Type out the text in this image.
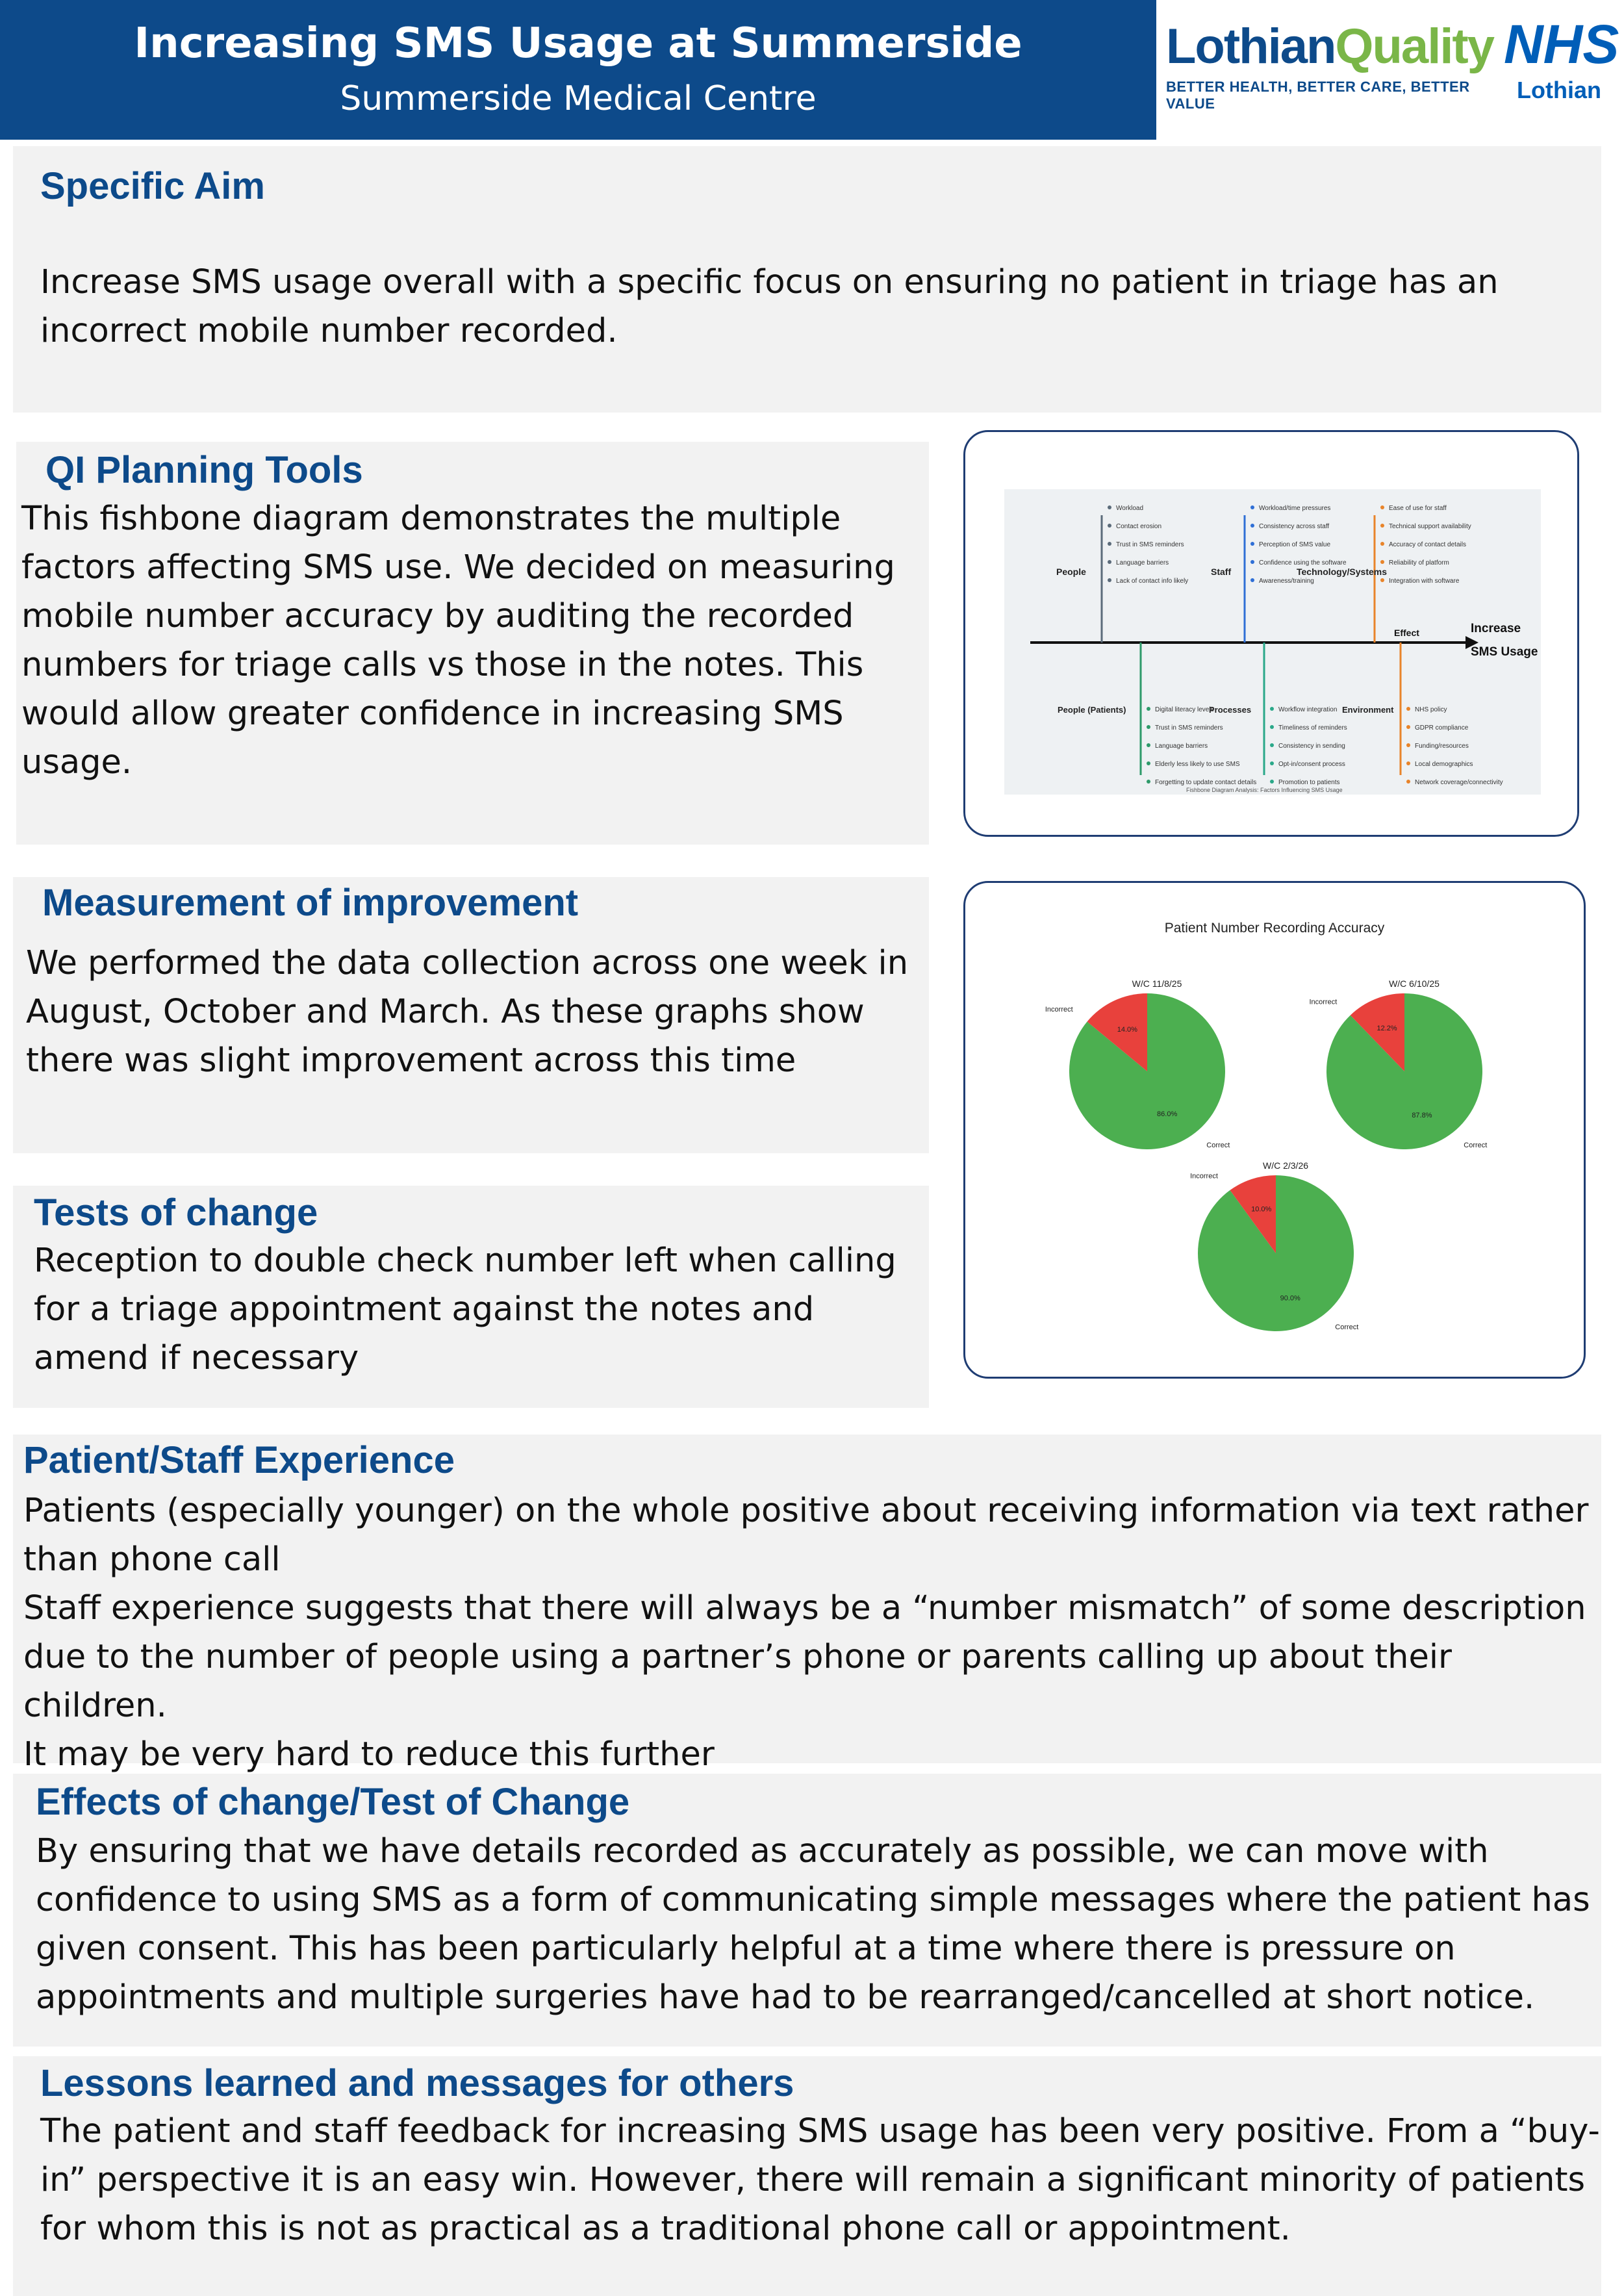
Increasing SMS Usage at Summerside
Summerside Medical Centre
LothianQuality
BETTER HEALTH, BETTER CARE, BETTER VALUE
NHS
Lothian
Specific Aim
Increase SMS usage overall with a specific focus on ensuring no patient in triage has an
incorrect mobile number recorded.
QI Planning Tools
This fishbone diagram demonstrates the multiple
factors affecting SMS use. We decided on measuring
mobile number accuracy by auditing the recorded
numbers for triage calls vs those in the notes. This
would allow greater confidence in increasing SMS
usage.
Effect	Increase
SMS Usage
People	Staff	Technology/Systems
Workload
Contact erosion
Trust in SMS reminders
Language barriers
Lack of contact info likely
Workload/time pressures
Consistency across staff
Perception of SMS value
Confidence using the software
Awareness/training
Ease of use for staff
Technical support availability
Accuracy of contact details
Reliability of platform
Integration with software
People (Patients)	Processes	Environment
Digital literacy levels
Trust in SMS reminders
Language barriers
Elderly less likely to use SMS
Forgetting to update contact details
Workflow integration
Timeliness of reminders
Consistency in sending
Opt-in/consent process
Promotion to patients
NHS policy
GDPR compliance
Funding/resources
Local demographics
Network coverage/connectivity
Fishbone Diagram Analysis: Factors Influencing SMS Usage
Measurement of improvement
We performed the data collection across one week in
August, October and March. As these graphs show
there was slight improvement across this time
Patient Number Recording Accuracy
W/C 11/8/25
Incorrect
Correct
14.0%
86.0%
W/C 6/10/25
Incorrect
Correct
12.2%
87.8%
W/C 2/3/26
Incorrect
Correct
10.0%
90.0%
Tests of change
Reception to double check number left when calling
for a triage appointment against the notes and
amend if necessary
Patient/Staff Experience
Patients (especially younger) on the whole positive about receiving information via text rather
than phone call
Staff experience suggests that there will always be a “number mismatch” of some description
due to the number of people using a partner’s phone or parents calling up about their children.
It may be very hard to reduce this further
Effects of change/Test of Change
By ensuring that we have details recorded as accurately as possible, we can move with
confidence to using SMS as a form of communicating simple messages where the patient has
given consent. This has been particularly helpful at a time where there is pressure on
appointments and multiple surgeries have had to be rearranged/cancelled at short notice.
Lessons learned and messages for others
The patient and staff feedback for increasing SMS usage has been very positive. From a “buy-
in” perspective it is an easy win. However, there will remain a significant minority of patients
for whom this is not as practical as a traditional phone call or appointment.
